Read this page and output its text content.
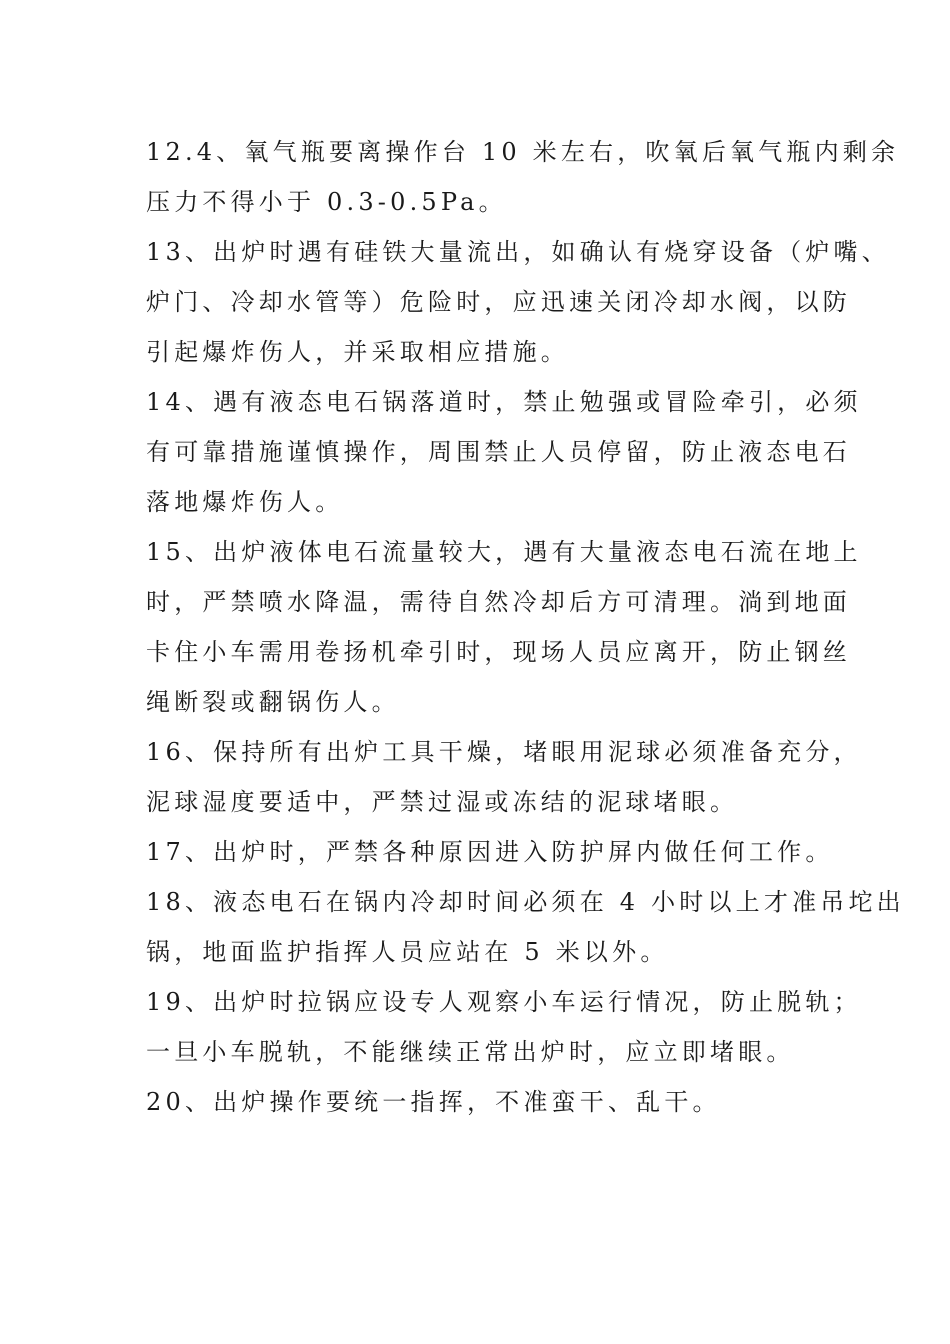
12.4、氧气瓶要离操作台 10 米左右，吹氧后氧气瓶内剩余
压力不得小于 0.3-0.5Pa。
13、出炉时遇有硅铁大量流出，如确认有烧穿设备（炉嘴、
炉门、冷却水管等）危险时，应迅速关闭冷却水阀，以防
引起爆炸伤人，并采取相应措施。
14、遇有液态电石锅落道时，禁止勉强或冒险牵引，必须
有可靠措施谨慎操作，周围禁止人员停留，防止液态电石
落地爆炸伤人。
15、出炉液体电石流量较大，遇有大量液态电石流在地上
时，严禁喷水降温，需待自然冷却后方可清理。淌到地面
卡住小车需用卷扬机牵引时，现场人员应离开，防止钢丝
绳断裂或翻锅伤人。
16、保持所有出炉工具干燥，堵眼用泥球必须准备充分，
泥球湿度要适中，严禁过湿或冻结的泥球堵眼。
17、出炉时，严禁各种原因进入防护屏内做任何工作。
18、液态电石在锅内冷却时间必须在 4 小时以上才准吊坨出
锅，地面监护指挥人员应站在 5 米以外。
19、出炉时拉锅应设专人观察小车运行情况，防止脱轨；
一旦小车脱轨，不能继续正常出炉时，应立即堵眼。
20、出炉操作要统一指挥，不准蛮干、乱干。
